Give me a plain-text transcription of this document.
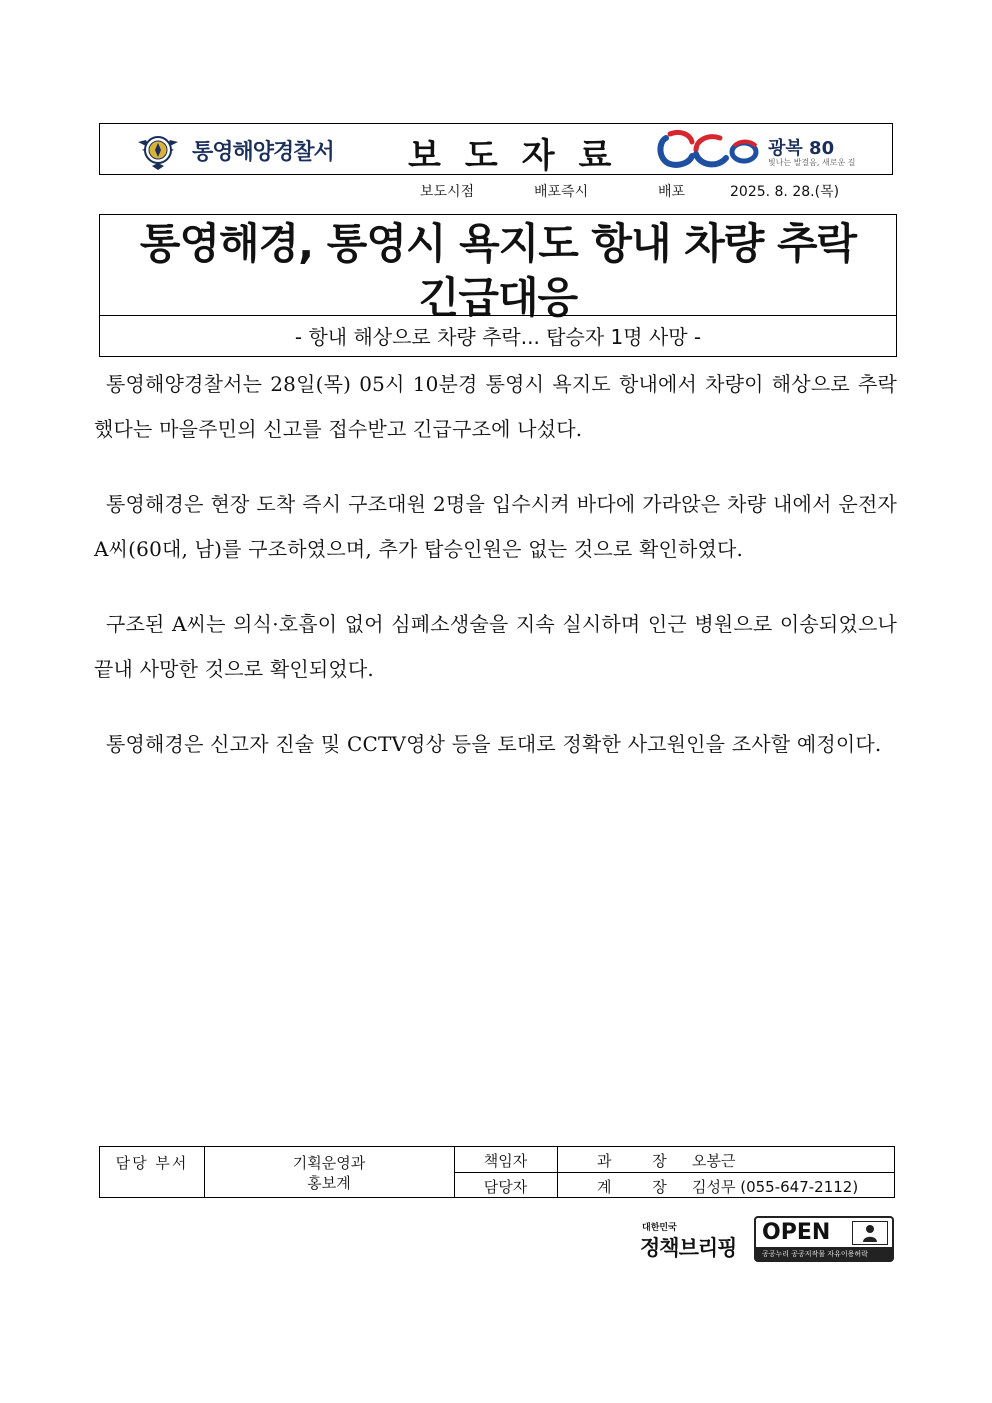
통영해양경찰서 보도자료	광복 80
빛나는 발걸음, 새로운 길
보도시점	배포즉시	배포	2025. 8. 28.(목)
통영해경, 통영시 욕지도 항내 차량 추락
긴급대응
- 항내 해상으로 차량 추락... 탑승자 1명 사망 -

통영해양경찰서는 28일(목) 05시 10분경 통영시 욕지도 항내에서 차량이 해상으로 추락했다는 마을주민의 신고를 접수받고 긴급구조에 나섰다.

통영해경은 현장 도착 즉시 구조대원 2명을 입수시켜 바다에 가라앉은 차량 내에서 운전자 A씨(60대, 남)를 구조하였으며, 추가 탑승인원은 없는 것으로 확인하였다.

구조된 A씨는 의식·호흡이 없어 심폐소생술을 지속 실시하며 인근 병원으로 이송되었으나 끝내 사망한 것으로 확인되었다.

통영해경은 신고자 진술 및 CCTV영상 등을 토대로 정확한 사고원인을 조사할 예정이다.

담당 부서	기획운영과
홍보계
책임자	과 장 오봉근
담당자	계 장 김성무 (055-647-2112)
대한민국
정책브리핑
OPEN
공공누리 공공저작물 자유이용허락
